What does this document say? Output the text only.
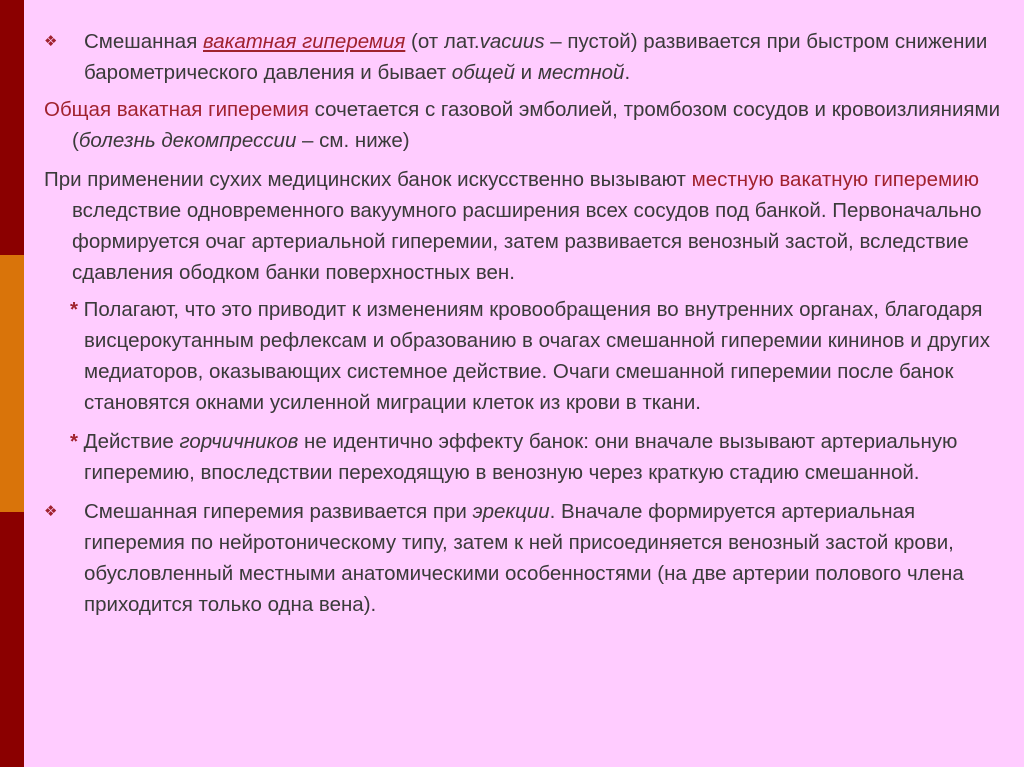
❖	Смешанная вакатная гиперемия (от лат.vacuus – пустой) развивается при быстром снижении барометрического давления и бывает общей и местной.

Общая вакатная гиперемия сочетается с газовой эмболией, тромбозом сосудов и кровоизлияниями (болезнь декомпрессии – см. ниже)

При применении сухих медицинских банок искусственно вызывают местную вакатную гиперемию вследствие одновременного вакуумного расширения всех сосудов под банкой. Первоначально формируется очаг артериальной гиперемии, затем развивается венозный застой, вследствие сдавления ободком банки поверхностных вен.

* Полагают, что это приводит к изменениям кровообращения во внутренних органах, благодаря висцерокутанным рефлексам и образованию в очагах смешанной гиперемии кининов и других медиаторов, оказывающих системное действие. Очаги смешанной гиперемии после банок становятся окнами усиленной миграции клеток из крови в ткани.

* Действие горчичников не идентично эффекту банок: они вначале вызывают артериальную гиперемию, впоследствии переходящую в венозную через краткую стадию смешанной.

❖	Смешанная гиперемия развивается при эрекции. Вначале формируется артериальная гиперемия по нейротоническому типу, затем к ней присоединяется венозный застой крови, обусловленный местными анатомическими особенностями (на две артерии полового члена приходится только одна вена).
